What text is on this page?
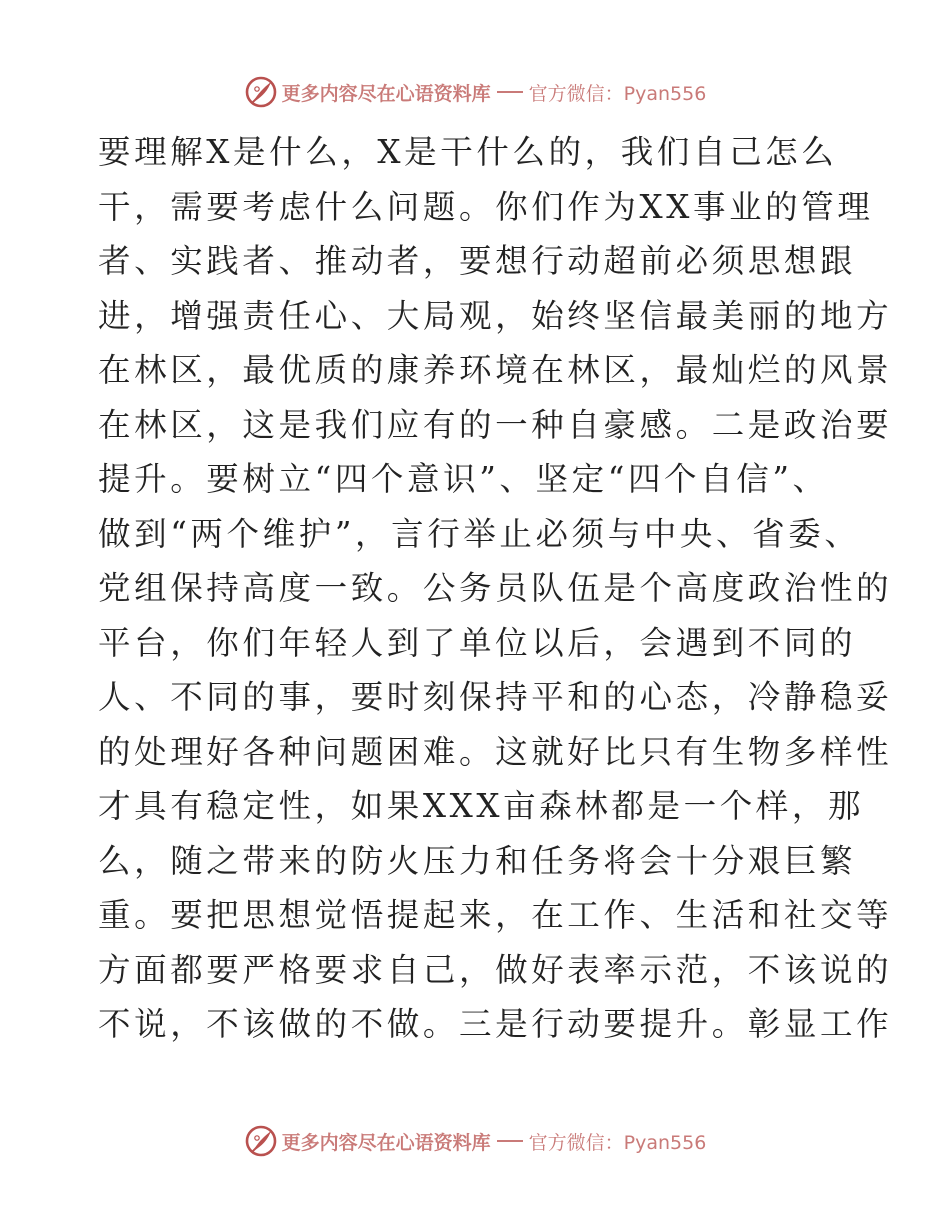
更多内容尽在心语资料库 官方微信：Pyan556
要理解X是什么，X是干什么的，我们自己怎么
干，需要考虑什么问题。你们作为XX事业的管理
者、实践者、推动者，要想行动超前必须思想跟
进，增强责任心、大局观，始终坚信最美丽的地方
在林区，最优质的康养环境在林区，最灿烂的风景
在林区，这是我们应有的一种自豪感。二是政治要
提升。要树立“四个意识”、坚定“四个自信”、
做到“两个维护”，言行举止必须与中央、省委、
党组保持高度一致。公务员队伍是个高度政治性的
平台，你们年轻人到了单位以后，会遇到不同的
人、不同的事，要时刻保持平和的心态，冷静稳妥
的处理好各种问题困难。这就好比只有生物多样性
才具有稳定性，如果XXX亩森林都是一个样，那
么，随之带来的防火压力和任务将会十分艰巨繁
重。要把思想觉悟提起来，在工作、生活和社交等
方面都要严格要求自己，做好表率示范，不该说的
不说，不该做的不做。三是行动要提升。彰显工作
更多内容尽在心语资料库 官方微信：Pyan556
